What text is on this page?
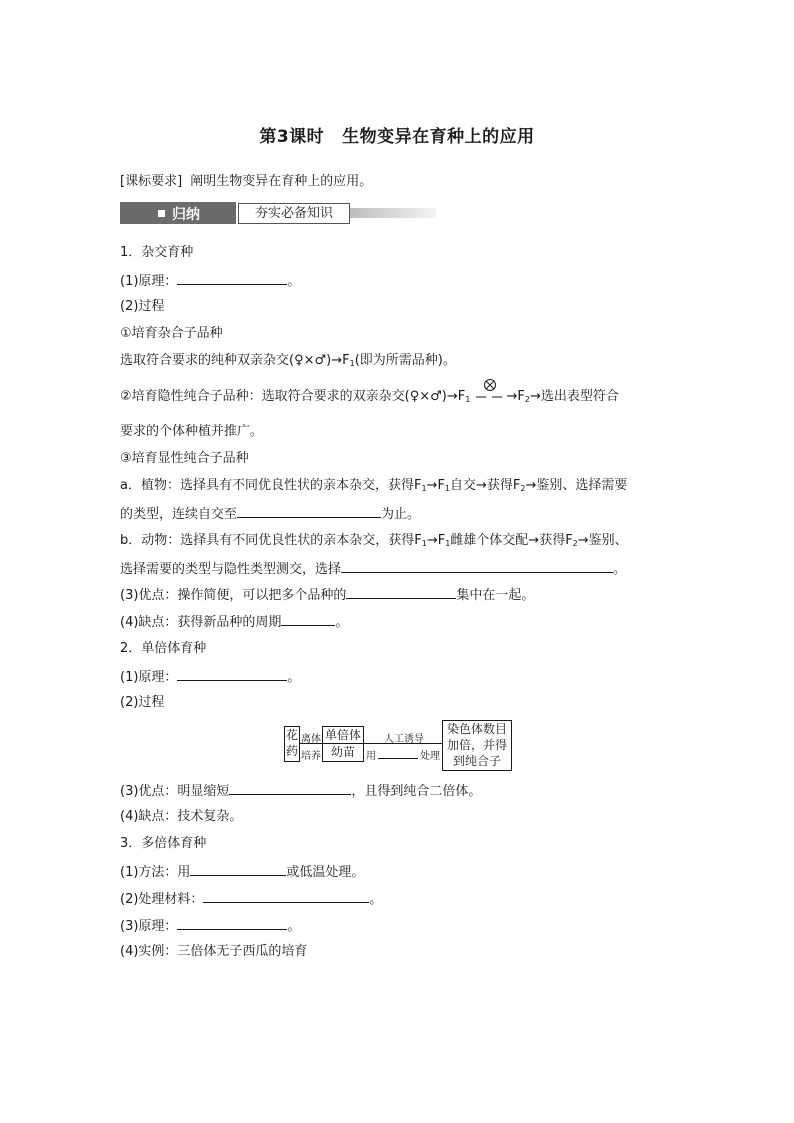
第3课时 生物变异在育种上的应用
[课标要求] 阐明生物变异在育种上的应用。
归纳	夯实必备知识
1．杂交育种
(1)原理：	。
(2)过程
①培育杂合子品种
选取符合要求的纯种双亲杂交$(♀\times♂)\to F_1$(即为所需品种)。
②培育隐性纯合子品种：选取符合要求的双亲杂交$(♀\times♂)\to F_1$	$\to F_2\to$选出表型符合
要求的个体种植并推广。
③培育显性纯合子品种
a．植物：选择具有不同优良性状的亲本杂交，获得$F_1\to F_1$自交→获得$F_2\to$鉴别、选择需要
的类型，连续自交至	为止。
b．动物：选择具有不同优良性状的亲本杂交，获得$F_1\to F_1$雌雄个体交配→获得$F_2\to$鉴别、
选择需要的类型与隐性类型测交，选择	。
(3)优点：操作简便，可以把多个品种的	集中在一起。
(4)缺点：获得新品种的周期	。
2．单倍体育种
(1)原理：	。
(2)过程
花药
离体
培养
单倍体
幼苗
人工诱导
用	处理
染色体数目
加倍，并得
到纯合子
(3)优点：明显缩短	，且得到纯合二倍体。
(4)缺点：技术复杂。
3．多倍体育种
(1)方法：用	或低温处理。
(2)处理材料：	。
(3)原理：	。
(4)实例：三倍体无子西瓜的培育
